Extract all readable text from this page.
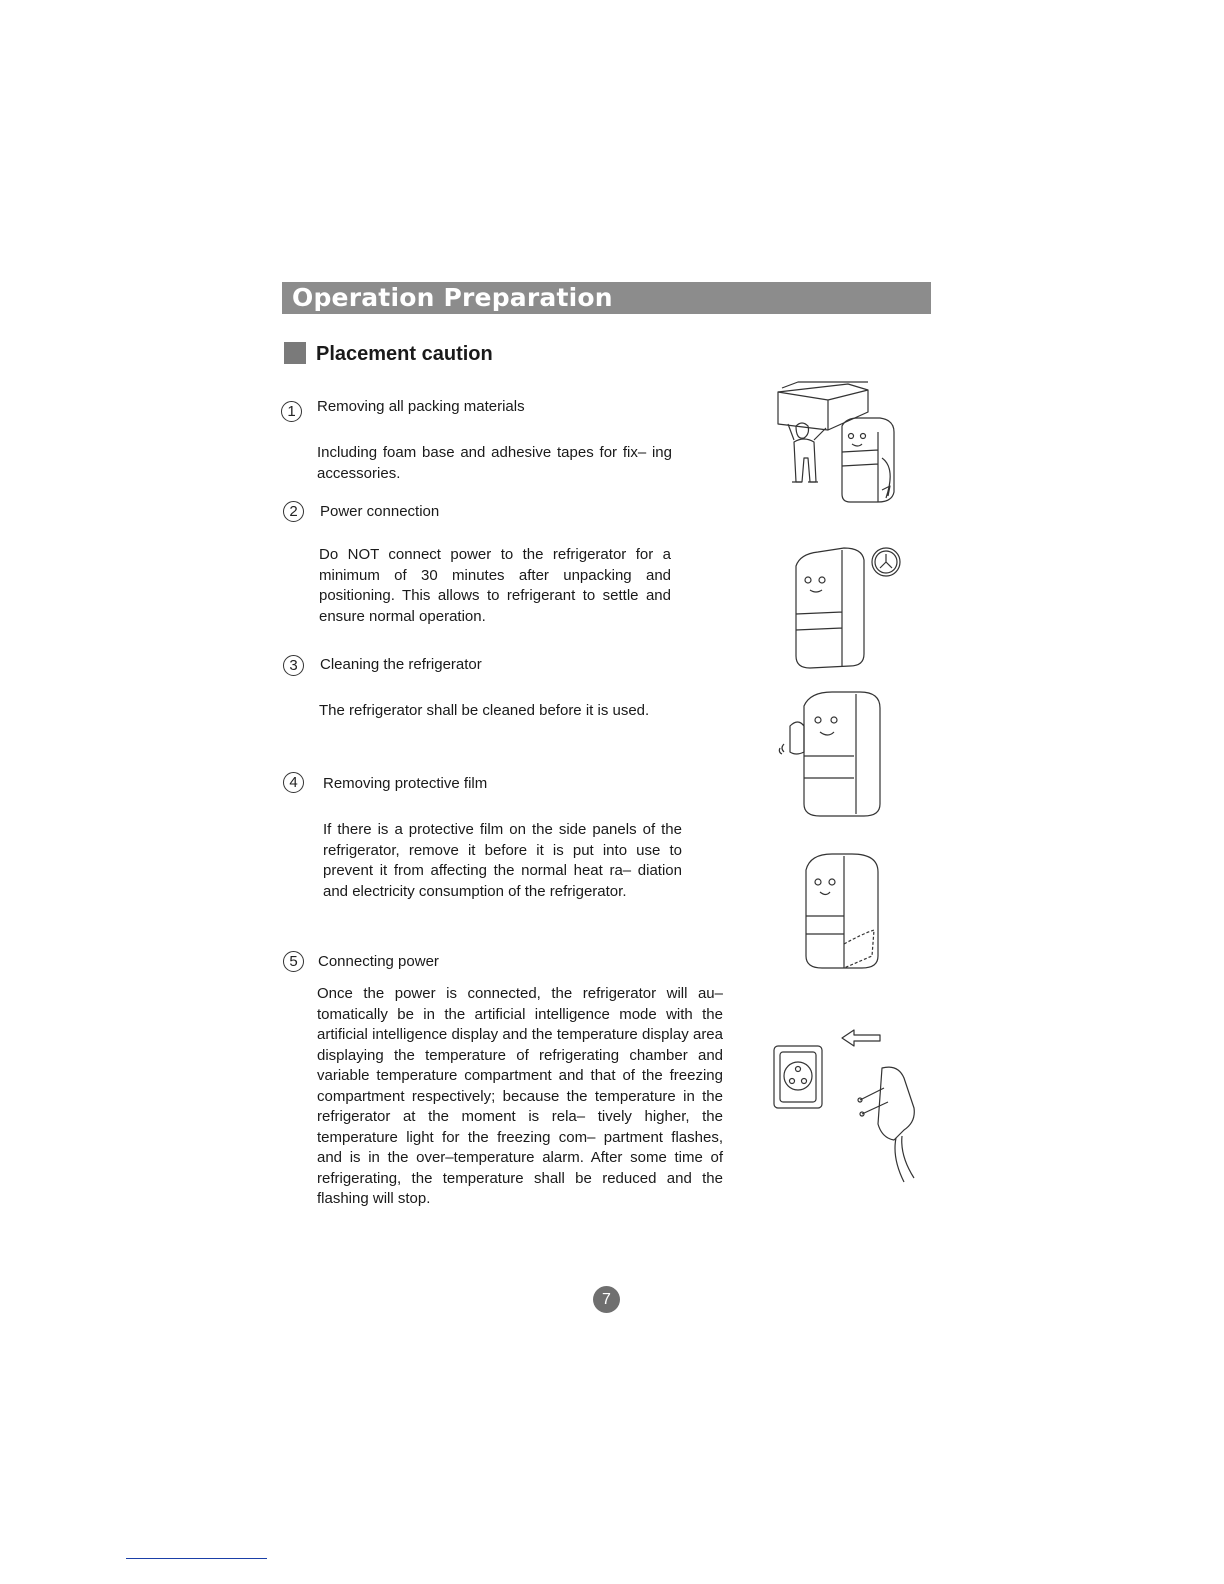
Operation Preparation
Placement caution
1	Removing all packing materials

Including foam base and adhesive tapes for fix– ing accessories.

2	Power connection

Do NOT connect power to the refrigerator for a minimum of 30 minutes after unpacking and positioning. This allows to refrigerant to settle and ensure normal operation.

3	Cleaning the refrigerator

The refrigerator shall be cleaned before it is used.

4	Removing protective film

If there is a protective film on the side panels of the refrigerator, remove it before it is put into use to prevent it from affecting the normal heat ra– diation and electricity consumption of the refrigerator.

5	Connecting power

Once the power is connected, the refrigerator will au– tomatically be in the artificial intelligence mode with the artificial intelligence display and the temperature display area displaying the temperature of refrigerating chamber and variable temperature compartment and that of the freezing compartment respectively; because the temperature in the refrigerator at the moment is rela– tively higher, the temperature light for the freezing com– partment flashes, and is in the over–temperature alarm. After some time of refrigerating, the temperature shall be reduced and the flashing will stop.

7
